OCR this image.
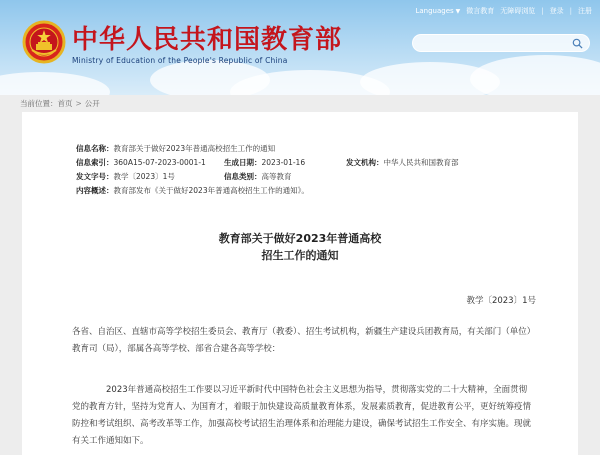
Languages ▼ 微言教育 无障碍浏览 | 登录 | 注册
中华人民共和国教育部
Ministry of Education of the People's Republic of China
当前位置：首页 > 公开
信息名称：教育部关于做好2023年普通高校招生工作的通知
信息索引：360A15-07-2023-0001-1 生成日期：2023-01-16	发文机构：中华人民共和国教育部
发文字号：教学〔2023〕1号	信息类别：高等教育
内容概述：教育部发布《关于做好2023年普通高校招生工作的通知》。
教育部关于做好2023年普通高校
招生工作的通知
教学〔2023〕1号
各省、自治区、直辖市高等学校招生委员会、教育厅（教委）、招生考试机构，新疆生产建设兵团教育局，有关部门（单位）教育司（局），部属各高等学校、部省合建各高等学校：
2023年普通高校招生工作要以习近平新时代中国特色社会主义思想为指导，贯彻落实党的二十大精神，全面贯彻党的教育方针，坚持为党育人、为国育才，着眼于加快建设高质量教育体系，发展素质教育，促进教育公平，更好统筹疫情防控和考试组织、高考改革等工作，加强高校考试招生治理体系和治理能力建设，确保考试招生工作安全、有序实施。现就有关工作通知如下。
